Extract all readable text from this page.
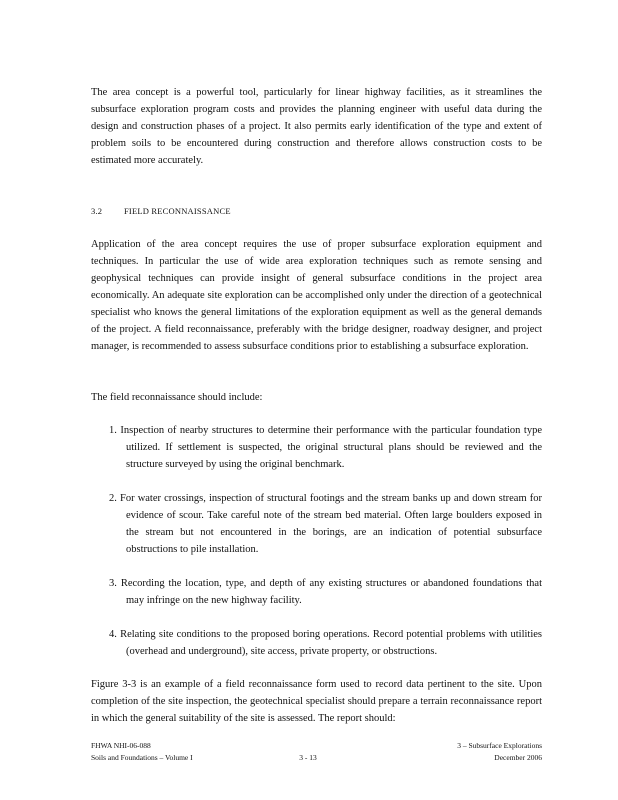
The area concept is a powerful tool, particularly for linear highway facilities, as it streamlines the subsurface exploration program costs and provides the planning engineer with useful data during the design and construction phases of a project. It also permits early identification of the type and extent of problem soils to be encountered during construction and therefore allows construction costs to be estimated more accurately.

3.2	FIELD RECONNAISSANCE

Application of the area concept requires the use of proper subsurface exploration equipment and techniques. In particular the use of wide area exploration techniques such as remote sensing and geophysical techniques can provide insight of general subsurface conditions in the project area economically. An adequate site exploration can be accomplished only under the direction of a geotechnical specialist who knows the general limitations of the exploration equipment as well as the general demands of the project. A field reconnaissance, preferably with the bridge designer, roadway designer, and project manager, is recommended to assess subsurface conditions prior to establishing a subsurface exploration.

The field reconnaissance should include:

1. Inspection of nearby structures to determine their performance with the particular foundation type utilized. If settlement is suspected, the original structural plans should be reviewed and the structure surveyed by using the original benchmark.
2. For water crossings, inspection of structural footings and the stream banks up and down stream for evidence of scour. Take careful note of the stream bed material. Often large boulders exposed in the stream but not encountered in the borings, are an indication of potential subsurface obstructions to pile installation.
3. Recording the location, type, and depth of any existing structures or abandoned foundations that may infringe on the new highway facility.
4. Relating site conditions to the proposed boring operations. Record potential problems with utilities (overhead and underground), site access, private property, or obstructions.

Figure 3-3 is an example of a field reconnaissance form used to record data pertinent to the site. Upon completion of the site inspection, the geotechnical specialist should prepare a terrain reconnaissance report in which the general suitability of the site is assessed. The report should:

FHWA NHI-06-088
Soils and Foundations – Volume I	3 - 13
3 – Subsurface Explorations
December 2006
